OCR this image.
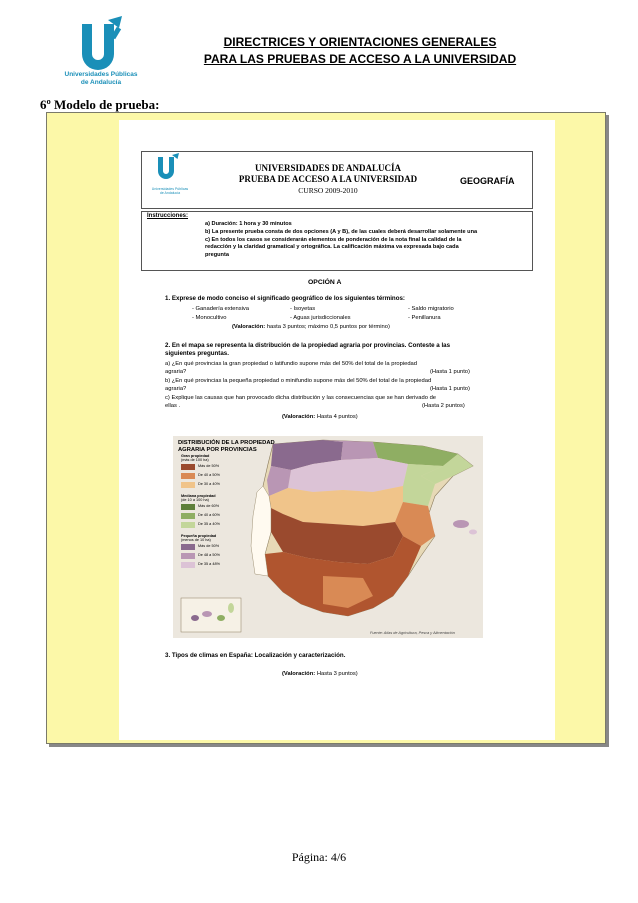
Universidades Públicas
de Andalucía
DIRECTRICES Y ORIENTACIONES GENERALES
PARA LAS PRUEBAS DE ACCESO A LA UNIVERSIDAD
6º Modelo de prueba:
Universidades Públicas
de Andalucía
UNIVERSIDADES DE ANDALUCÍA
PRUEBA DE ACCESO A LA UNIVERSIDAD
CURSO 2009-2010
GEOGRAFÍA
Instrucciones:
a) Duración: 1 hora y 30 minutos
b) La presente prueba consta de dos opciones (A y B), de las cuales deberá desarrollar solamente una
c) En todos los casos se considerarán elementos de ponderación de la nota final la calidad de la
redacción y la claridad gramatical y ortográfica. La calificación máxima va expresada bajo cada
pregunta
OPCIÓN A
1. Exprese de modo conciso el significado geográfico de los siguientes términos:
- Ganadería extensiva	- Isoyetas	- Saldo migratorio
- Monocultivo	- Aguas jurisdiccionales	- Penillanura
(Valoración: hasta 3 puntos; máximo 0,5 puntos por término)
2. En el mapa se representa la distribución de la propiedad agraria por provincias. Conteste a las
siguientes preguntas.
a) ¿En qué provincias la gran propiedad o latifundio supone más del 50% del total de la propiedad
agraria?	(Hasta 1 punto)
b) ¿En qué provincias la pequeña propiedad o minifundio supone más del 50% del total de la propiedad
agraria?	(Hasta 1 punto)
c) Explique las causas que han provocado dicha distribución y las consecuencias que se han derivado de
ellas .	(Hasta 2 puntos)
(Valoración: Hasta 4 puntos)
DISTRIBUCIÓN DE LA PROPIEDAD
AGRARIA POR PROVINCIAS
Gran propiedad
(más de 100 ha)
Más de 50%
De 40 a 50%
De 30 a 40%
Mediana propiedad
(de 10 a 100 ha)
Más de 60%
De 40 a 60%
De 35 a 40%
Pequeña propiedad
(menos de 10 ha)
Más de 50%
De 48 a 50%
De 35 a 48%
Fuente: Atlas de Agricultura, Pesca y Alimentación
3. Tipos de climas en España: Localización y caracterización.
(Valoración: Hasta 3 puntos)
Página: 4/6
